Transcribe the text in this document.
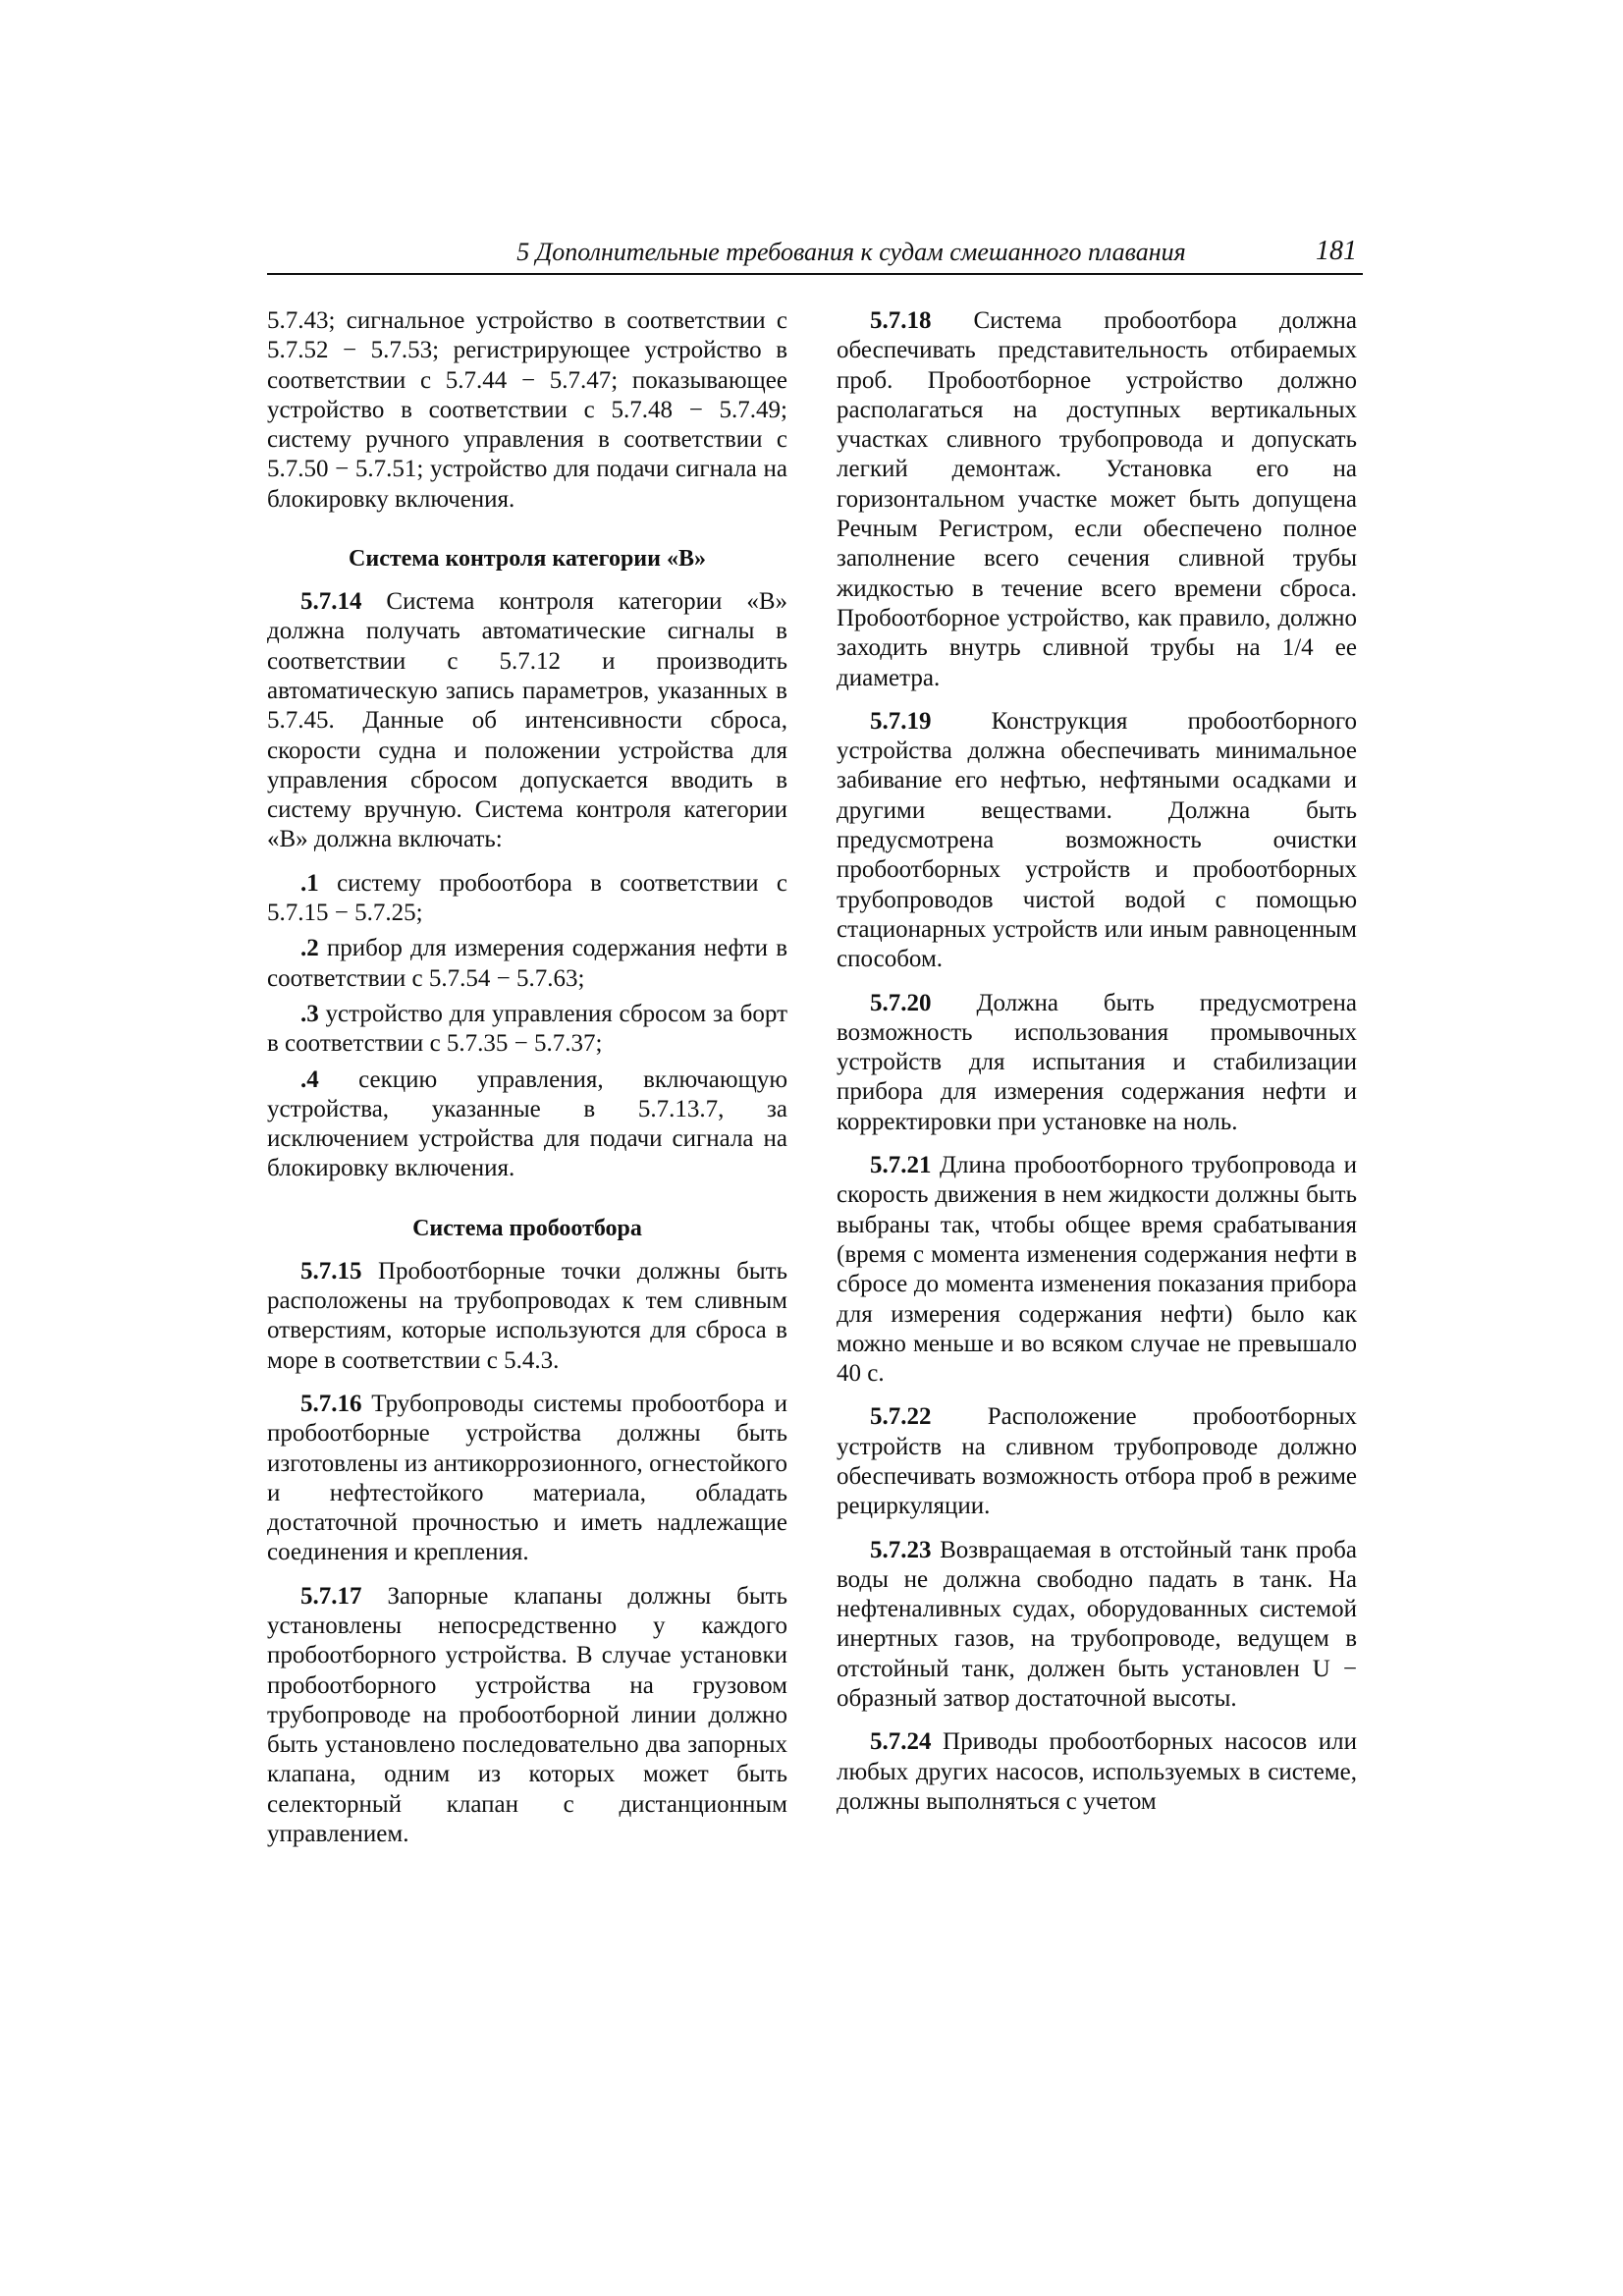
5 Дополнительные требования к судам смешанного плавания	181

5.7.43; сигнальное устройство в соответствии с 5.7.52 − 5.7.53; регистрирующее устройство в соответствии с 5.7.44 − 5.7.47; показывающее устройство в соответствии с 5.7.48 − 5.7.49; систему ручного управления в соответствии с 5.7.50 − 5.7.51; устройство для подачи сигнала на блокировку включения.

Система контроля категории «В»

5.7.14 Система контроля категории «В» должна получать автоматические сигналы в соответствии с 5.7.12 и производить автоматическую запись параметров, указанных в 5.7.45. Данные об интенсивности сброса, скорости судна и положении устройства для управления сбросом допускается вводить в систему вручную. Система контроля категории «В» должна включать:

.1 систему пробоотбора в соответствии с 5.7.15 − 5.7.25;

.2 прибор для измерения содержания нефти в соответствии с 5.7.54 − 5.7.63;

.3 устройство для управления сбросом за борт в соответствии с 5.7.35 − 5.7.37;

.4 секцию управления, включающую устройства, указанные в 5.7.13.7, за исключением устройства для подачи сигнала на блокировку включения.

Система пробоотбора

5.7.15 Пробоотборные точки должны быть расположены на трубопроводах к тем сливным отверстиям, которые используются для сброса в море в соответствии с 5.4.3.

5.7.16 Трубопроводы системы пробоотбора и пробоотборные устройства должны быть изготовлены из антикоррозионного, огнестойкого и нефтестойкого материала, обладать достаточной прочностью и иметь надлежащие соединения и крепления.

5.7.17 Запорные клапаны должны быть установлены непосредственно у каждого пробоотборного устройства. В случае установки пробоотборного устройства на грузовом трубопроводе на пробоотборной линии должно быть установлено последовательно два запорных клапана, одним из которых может быть селекторный клапан с дистанционным управлением.

5.7.18 Система пробоотбора должна обеспечивать представительность отбираемых проб. Пробоотборное устройство должно располагаться на доступных вертикальных участках сливного трубопровода и допускать легкий демонтаж. Установка его на горизонтальном участке может быть допущена Речным Регистром, если обеспечено полное заполнение всего сечения сливной трубы жидкостью в течение всего времени сброса. Пробоотборное устройство, как правило, должно заходить внутрь сливной трубы на 1/4 ее диаметра.

5.7.19 Конструкция пробоотборного устройства должна обеспечивать минимальное забивание его нефтью, нефтяными осадками и другими веществами. Должна быть предусмотрена возможность очистки пробоотборных устройств и пробоотборных трубопроводов чистой водой с помощью стационарных устройств или иным равноценным способом.

5.7.20 Должна быть предусмотрена возможность использования промывочных устройств для испытания и стабилизации прибора для измерения содержания нефти и корректировки при установке на ноль.

5.7.21 Длина пробоотборного трубопровода и скорость движения в нем жидкости должны быть выбраны так, чтобы общее время срабатывания (время с момента изменения содержания нефти в сбросе до момента изменения показания прибора для измерения содержания нефти) было как можно меньше и во всяком случае не превышало 40 с.

5.7.22 Расположение пробоотборных устройств на сливном трубопроводе должно обеспечивать возможность отбора проб в режиме рециркуляции.

5.7.23 Возвращаемая в отстойный танк проба воды не должна свободно падать в танк. На нефтеналивных судах, оборудованных системой инертных газов, на трубопроводе, ведущем в отстойный танк, должен быть установлен U − образный затвор достаточной высоты.

5.7.24 Приводы пробоотборных насосов или любых других насосов, используемых в системе, должны выполняться с учетом
